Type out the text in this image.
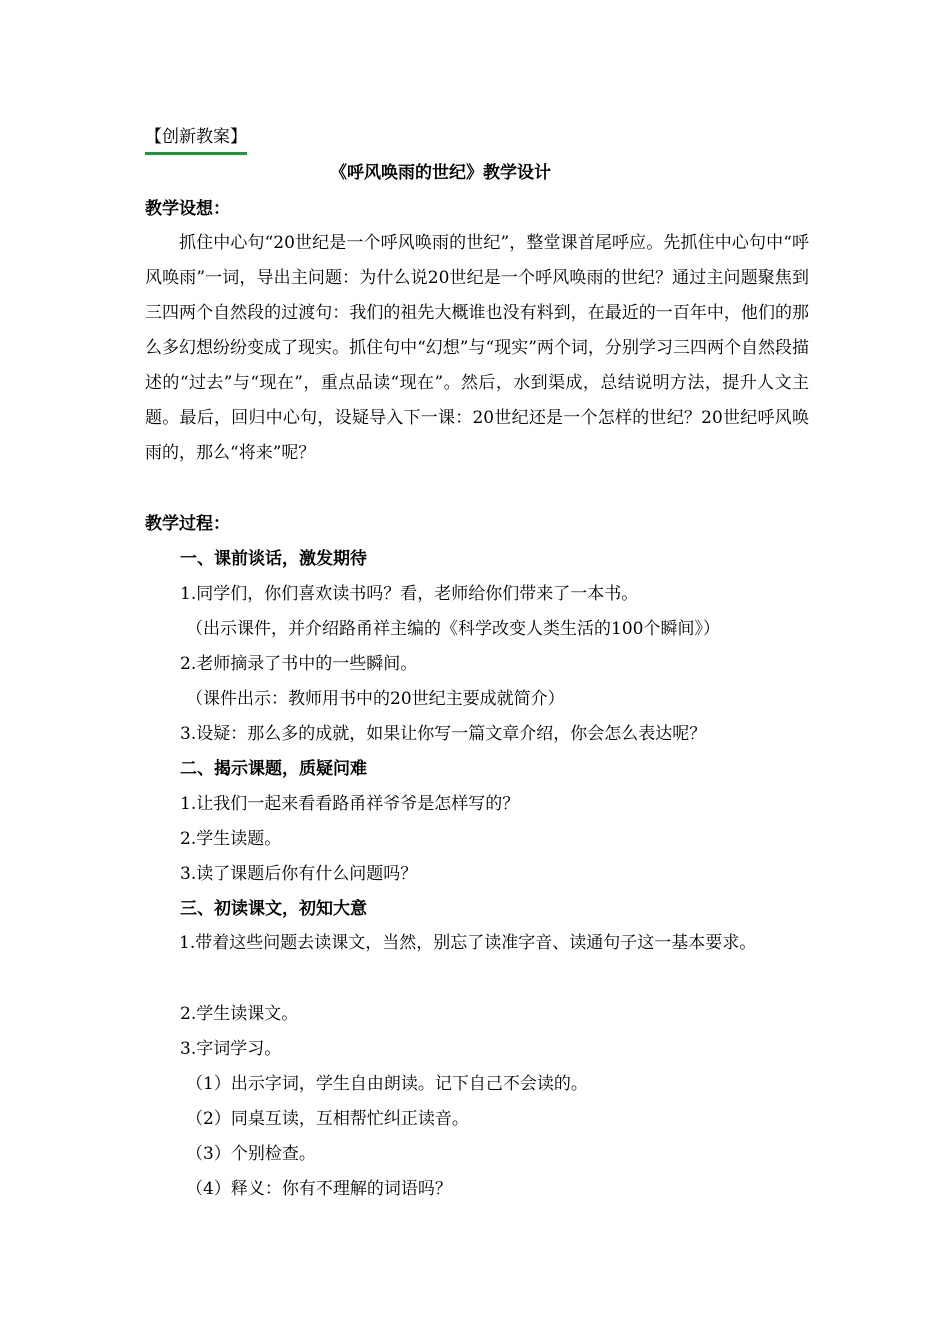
【创新教案】
《呼风唤雨的世纪》教学设计
教学设想：

抓住中心句“20世纪是一个呼风唤雨的世纪”，整堂课首尾呼应。先抓住中心句中“呼风唤雨”一词，导出主问题：为什么说20世纪是一个呼风唤雨的世纪？通过主问题聚焦到三四两个自然段的过渡句：我们的祖先大概谁也没有料到，在最近的一百年中，他们的那么多幻想纷纷变成了现实。抓住句中“幻想”与“现实”两个词，分别学习三四两个自然段描述的“过去”与“现在”，重点品读“现在”。然后，水到渠成，总结说明方法，提升人文主题。最后，回归中心句，设疑导入下一课：20世纪还是一个怎样的世纪？20世纪呼风唤雨的，那么“将来”呢？

教学过程：
一、课前谈话，激发期待
1.同学们，你们喜欢读书吗？看，老师给你们带来了一本书。
（出示课件，并介绍路甬祥主编的《科学改变人类生活的100个瞬间》）
2.老师摘录了书中的一些瞬间。
（课件出示：教师用书中的20世纪主要成就简介）
3.设疑：那么多的成就，如果让你写一篇文章介绍，你会怎么表达呢？
二、揭示课题，质疑问难
1.让我们一起来看看路甬祥爷爷是怎样写的？
2.学生读题。
3.读了课题后你有什么问题吗？
三、初读课文，初知大意

1.带着这些问题去读课文，当然，别忘了读准字音、读通句子这一基本要求。

2.学生读课文。
3.字词学习。
（1）出示字词，学生自由朗读。记下自己不会读的。
（2）同桌互读，互相帮忙纠正读音。
（3）个别检查。
（4）释义：你有不理解的词语吗？
